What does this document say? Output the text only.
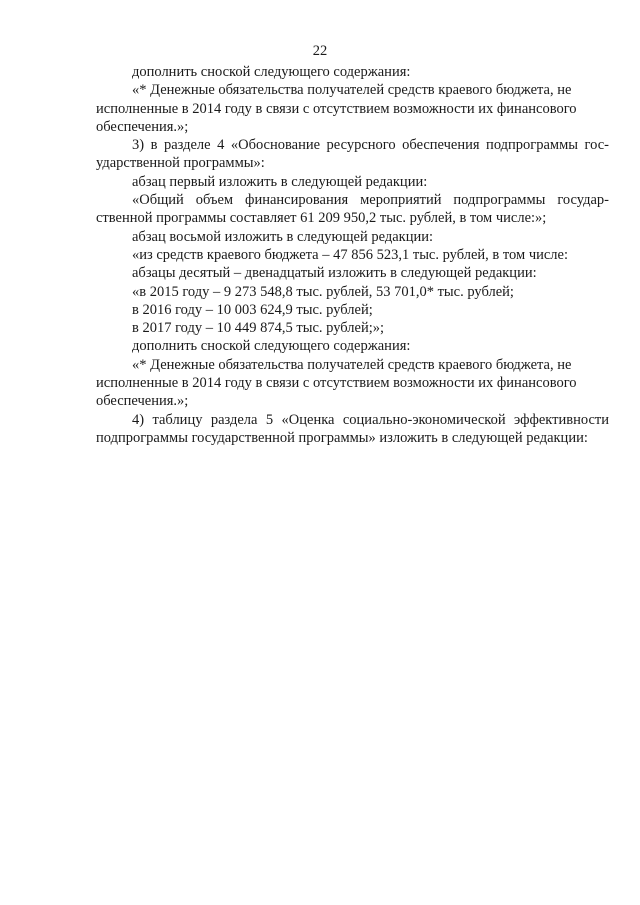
22
дополнить сноской следующего содержания:
«* Денежные обязательства получателей средств краевого бюджета, не
исполненные в 2014 году в связи с отсутствием возможности их финансового
обеспечения.»;
3) в разделе 4 «Обоснование ресурсного обеспечения подпрограммы гос-
ударственной программы»:
абзац первый изложить в следующей редакции:
«Общий объем финансирования мероприятий подпрограммы государ-
ственной программы составляет 61 209 950,2 тыс. рублей, в том числе:»;
абзац восьмой изложить в следующей редакции:
«из средств краевого бюджета – 47 856 523,1 тыс. рублей, в том числе:
абзацы десятый – двенадцатый изложить в следующей редакции:
«в 2015 году – 9 273 548,8 тыс. рублей, 53 701,0* тыс. рублей;
в 2016 году – 10 003 624,9 тыс. рублей;
в 2017 году – 10 449 874,5 тыс. рублей;»;
дополнить сноской следующего содержания:
«* Денежные обязательства получателей средств краевого бюджета, не
исполненные в 2014 году в связи с отсутствием возможности их финансового
обеспечения.»;
4) таблицу раздела 5 «Оценка социально-экономической эффективности
подпрограммы государственной программы» изложить в следующей редакции:
